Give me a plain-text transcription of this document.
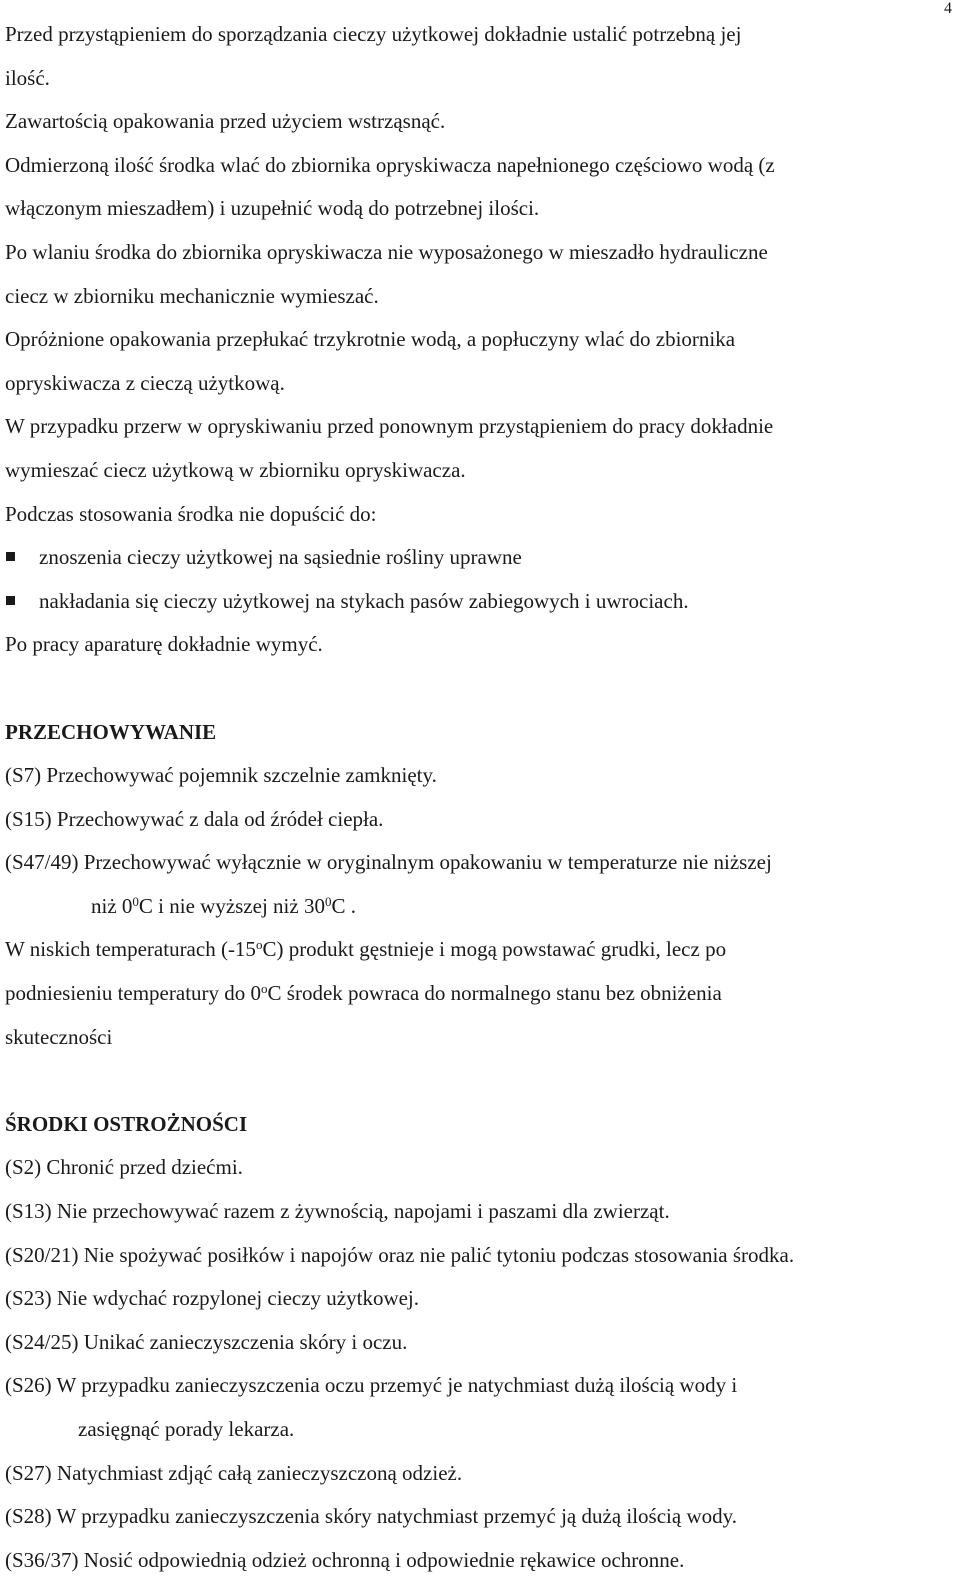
4
Przed przystąpieniem do sporządzania cieczy użytkowej dokładnie ustalić potrzebną jej
ilość.
Zawartością opakowania przed użyciem wstrząsnąć.
Odmierzoną ilość środka wlać do zbiornika opryskiwacza napełnionego częściowo wodą (z
włączonym mieszadłem) i uzupełnić wodą do potrzebnej ilości.
Po wlaniu środka do zbiornika opryskiwacza nie wyposażonego w mieszadło hydrauliczne
ciecz w zbiorniku mechanicznie wymieszać.
Opróżnione opakowania przepłukać trzykrotnie wodą, a popłuczyny wlać do zbiornika
opryskiwacza z cieczą użytkową.
W przypadku przerw w opryskiwaniu przed ponownym przystąpieniem do pracy dokładnie
wymieszać ciecz użytkową w zbiorniku opryskiwacza.
Podczas stosowania środka nie dopuścić do:
znoszenia cieczy użytkowej na sąsiednie rośliny uprawne
nakładania się cieczy użytkowej na stykach pasów zabiegowych i uwrociach.
Po pracy aparaturę dokładnie wymyć.
PRZECHOWYWANIE
(S7) Przechowywać pojemnik szczelnie zamknięty.
(S15) Przechowywać z dala od źródeł ciepła.
(S47/49) Przechowywać wyłącznie w oryginalnym opakowaniu w temperaturze nie niższej
niż $0^0C$ i nie wyższej niż $30^0C$ .
W niskich temperaturach (-15$^o$C) produkt gęstnieje i mogą powstawać grudki, lecz po
podniesieniu temperatury do 0$^o$C środek powraca do normalnego stanu bez obniżenia
skuteczności
ŚRODKI OSTROŻNOŚCI
(S2) Chronić przed dziećmi.
(S13) Nie przechowywać razem z żywnością, napojami i paszami dla zwierząt.
(S20/21) Nie spożywać posiłków i napojów oraz nie palić tytoniu podczas stosowania środka.
(S23) Nie wdychać rozpylonej cieczy użytkowej.
(S24/25) Unikać zanieczyszczenia skóry i oczu.
(S26) W przypadku zanieczyszczenia oczu przemyć je natychmiast dużą ilością wody i
zasięgnąć porady lekarza.
(S27) Natychmiast zdjąć całą zanieczyszczoną odzież.
(S28) W przypadku zanieczyszczenia skóry natychmiast przemyć ją dużą ilością wody.
(S36/37) Nosić odpowiednią odzież ochronną i odpowiednie rękawice ochronne.
